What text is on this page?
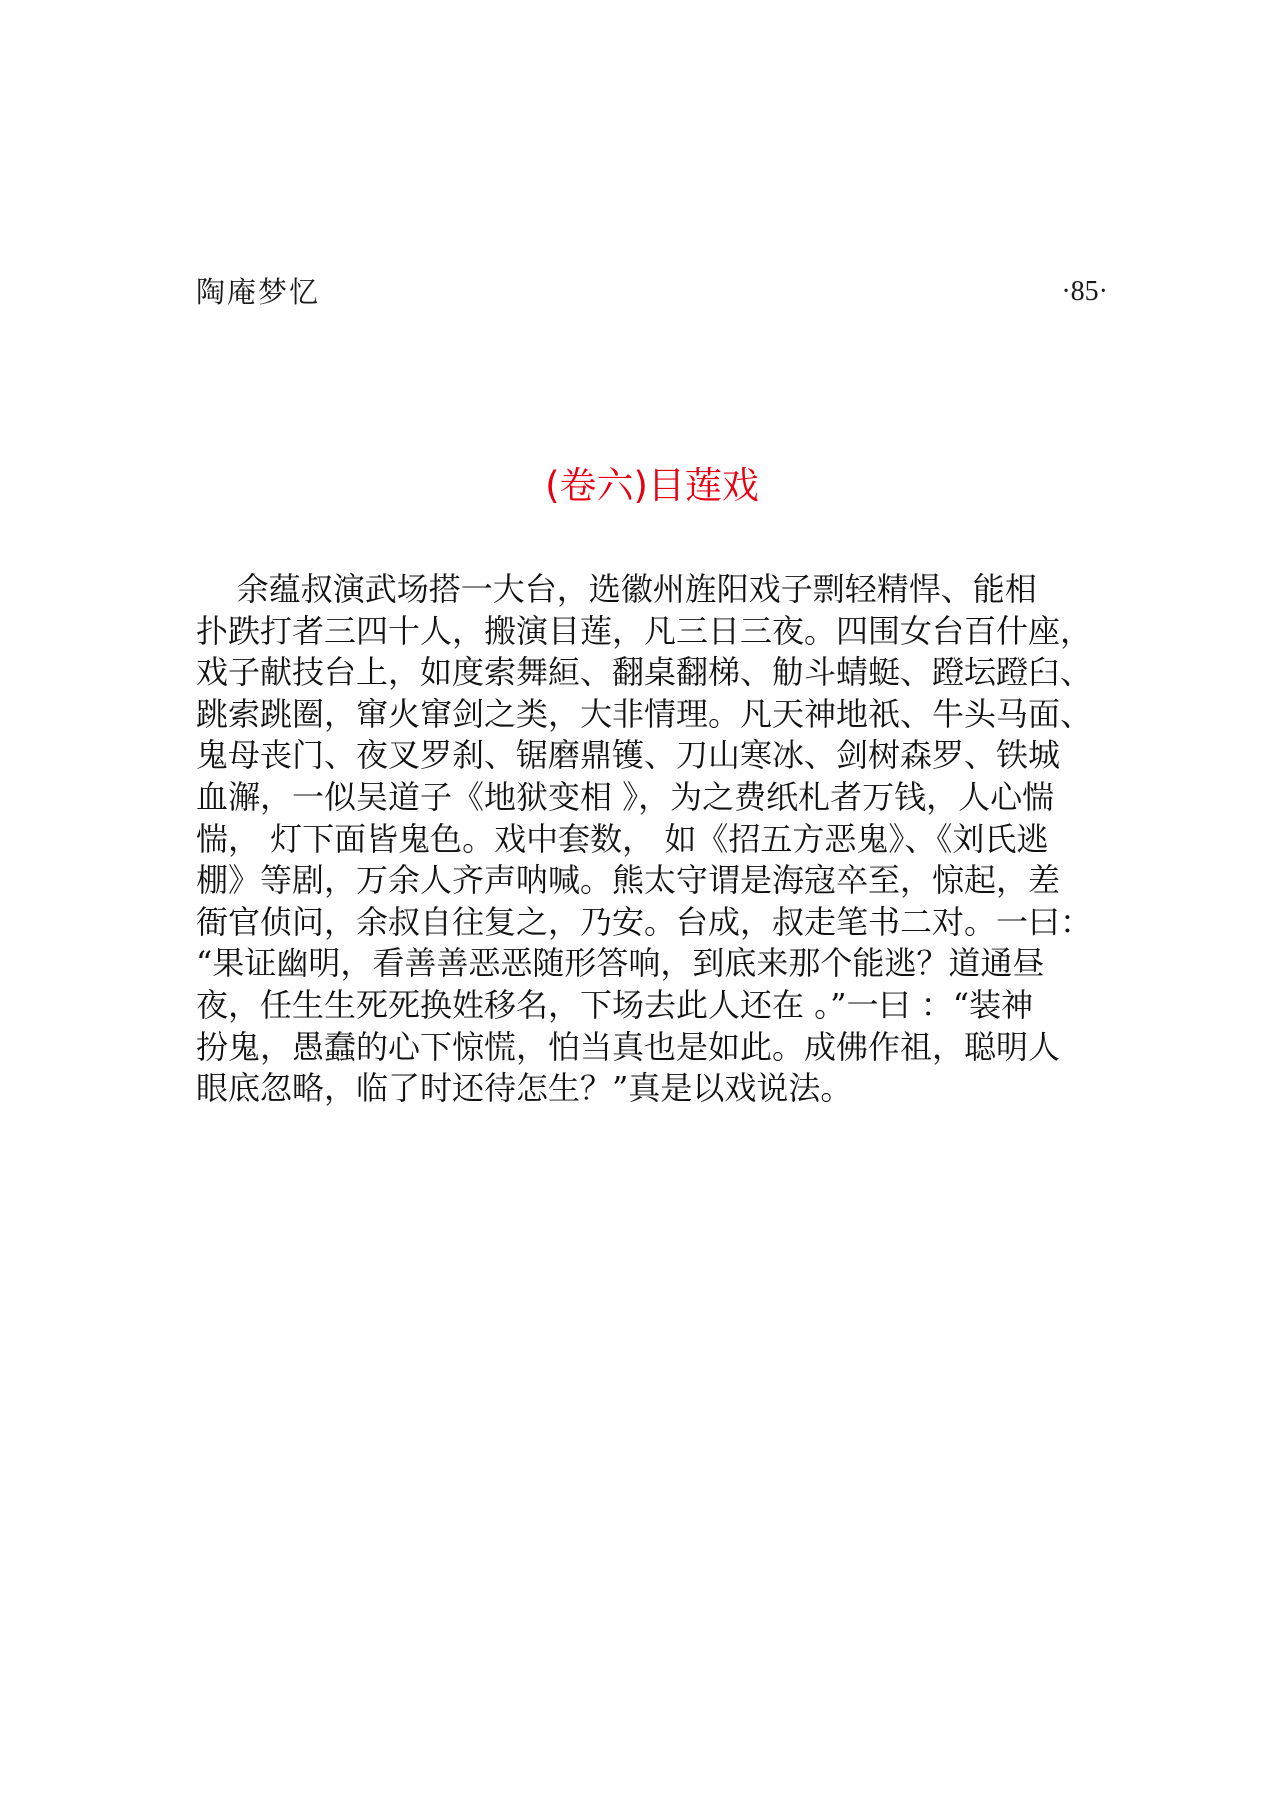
陶庵梦忆	·85·
(卷六)目莲戏
余蕴叔演武场搭一大台，选徽州旌阳戏子剽轻精悍、能相
扑跌打者三四十人，搬演目莲，凡三日三夜。四围女台百什座，
戏子献技台上，如度索舞絙、翻桌翻梯、觔斗蜻蜓、蹬坛蹬臼、
跳索跳圈，窜火窜剑之类，大非情理。凡天神地祇、牛头马面、
鬼母丧门、夜叉罗刹、锯磨鼎镬、刀山寒冰、剑树森罗、铁城
血澥，一似吴道子《地狱变相 》，为之费纸札者万钱，人心惴
惴， 灯下面皆鬼色。戏中套数， 如《招五方恶鬼》、《刘氏逃
棚》等剧，万余人齐声呐喊。熊太守谓是海寇卒至，惊起，差
衙官侦问，余叔自往复之，乃安。台成，叔走笔书二对。一曰：
“果证幽明，看善善恶恶随形答响，到底来那个能逃？道通昼
夜，任生生死死换姓移名，下场去此人还在 。”一曰 ：“装神
扮鬼，愚蠢的心下惊慌，怕当真也是如此。成佛作祖，聪明人
眼底忽略，临了时还待怎生？”真是以戏说法。
